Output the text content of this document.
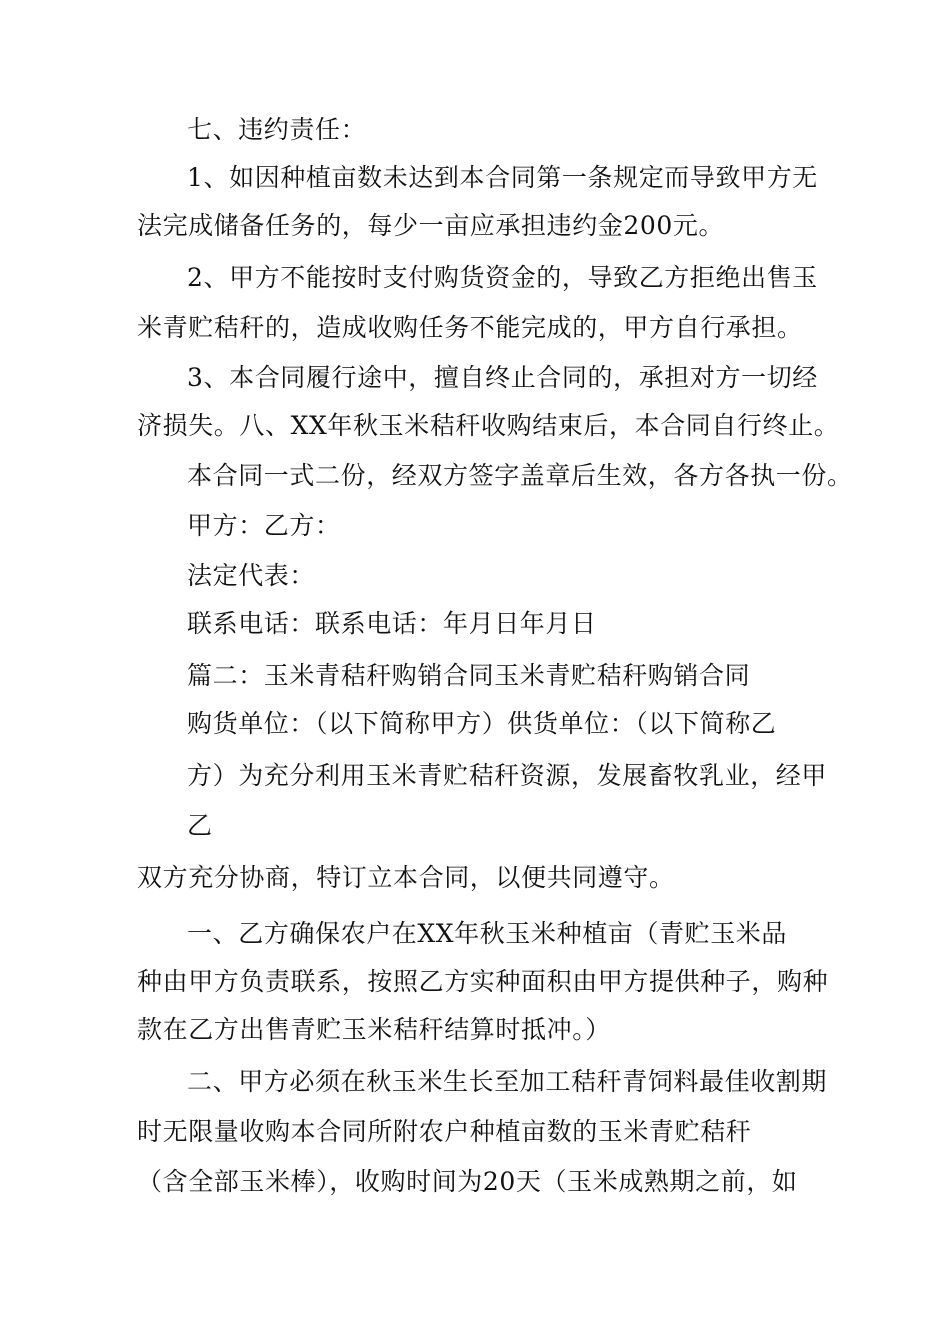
七、违约责任：
1、如因种植亩数未达到本合同第一条规定而导致甲方无
法完成储备任务的，每少一亩应承担违约金200元。
2、甲方不能按时支付购货资金的，导致乙方拒绝出售玉
米青贮秸秆的，造成收购任务不能完成的，甲方自行承担。
3、本合同履行途中，擅自终止合同的，承担对方一切经
济损失。八、XX年秋玉米秸秆收购结束后，本合同自行终止。
本合同一式二份，经双方签字盖章后生效，各方各执一份。
甲方：乙方：
法定代表：
联系电话：联系电话：年月日年月日
篇二：玉米青秸秆购销合同玉米青贮秸秆购销合同
购货单位：（以下简称甲方）供货单位：（以下简称乙
方）为充分利用玉米青贮秸秆资源，发展畜牧乳业，经甲
乙
双方充分协商，特订立本合同，以便共同遵守。
一、乙方确保农户在XX年秋玉米种植亩（青贮玉米品
种由甲方负责联系，按照乙方实种面积由甲方提供种子，购种
款在乙方出售青贮玉米秸秆结算时抵冲。）
二、甲方必须在秋玉米生长至加工秸秆青饲料最佳收割期
时无限量收购本合同所附农户种植亩数的玉米青贮秸秆
（含全部玉米棒），收购时间为20天（玉米成熟期之前，如
